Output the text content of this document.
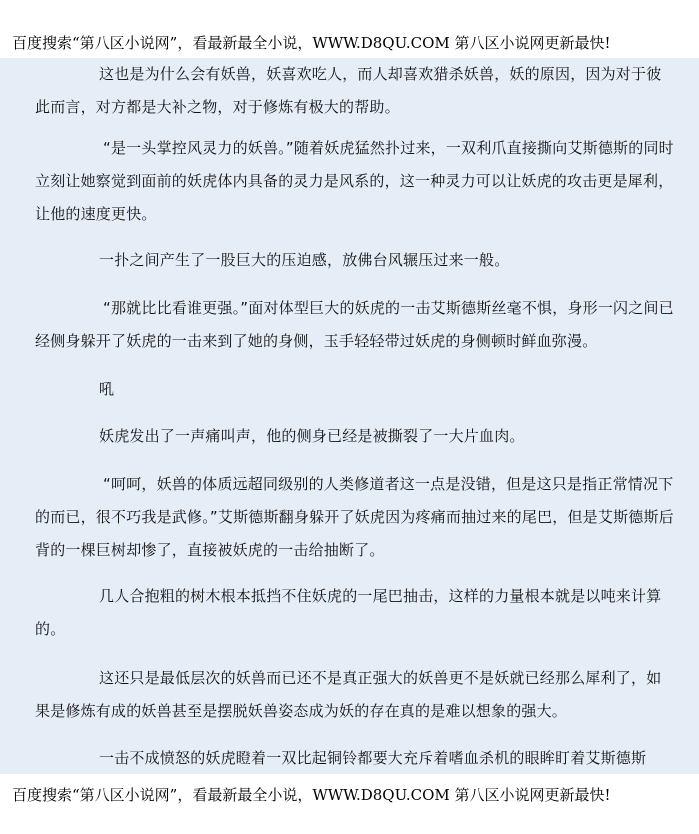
百度搜索“第八区小说网”，看最新最全小说，WWW.D8QU.COM 第八区小说网更新最快!

这也是为什么会有妖兽，妖喜欢吃人，而人却喜欢猎杀妖兽，妖的原因，因为对于彼此而言，对方都是大补之物，对于修炼有极大的帮助。

“是一头掌控风灵力的妖兽。”随着妖虎猛然扑过来，一双利爪直接撕向艾斯德斯的同时立刻让她察觉到面前的妖虎体内具备的灵力是风系的，这一种灵力可以让妖虎的攻击更是犀利，让他的速度更快。

一扑之间产生了一股巨大的压迫感，放佛台风辗压过来一般。

“那就比比看谁更强。”面对体型巨大的妖虎的一击艾斯德斯丝毫不惧，身形一闪之间已经侧身躲开了妖虎的一击来到了她的身侧，玉手轻轻带过妖虎的身侧顿时鲜血弥漫。

吼

妖虎发出了一声痛叫声，他的侧身已经是被撕裂了一大片血肉。

“呵呵，妖兽的体质远超同级别的人类修道者这一点是没错，但是这只是指正常情况下的而已，很不巧我是武修。”艾斯德斯翻身躲开了妖虎因为疼痛而抽过来的尾巴，但是艾斯德斯后背的一棵巨树却惨了，直接被妖虎的一击给抽断了。

几人合抱粗的树木根本抵挡不住妖虎的一尾巴抽击，这样的力量根本就是以吨来计算的。

这还只是最低层次的妖兽而已还不是真正强大的妖兽更不是妖就已经那么犀利了，如果是修炼有成的妖兽甚至是摆脱妖兽姿态成为妖的存在真的是难以想象的强大。

一击不成愤怒的妖虎瞪着一双比起铜铃都要大充斥着嗜血杀机的眼眸盯着艾斯德斯

百度搜索“第八区小说网”，看最新最全小说，WWW.D8QU.COM 第八区小说网更新最快!
